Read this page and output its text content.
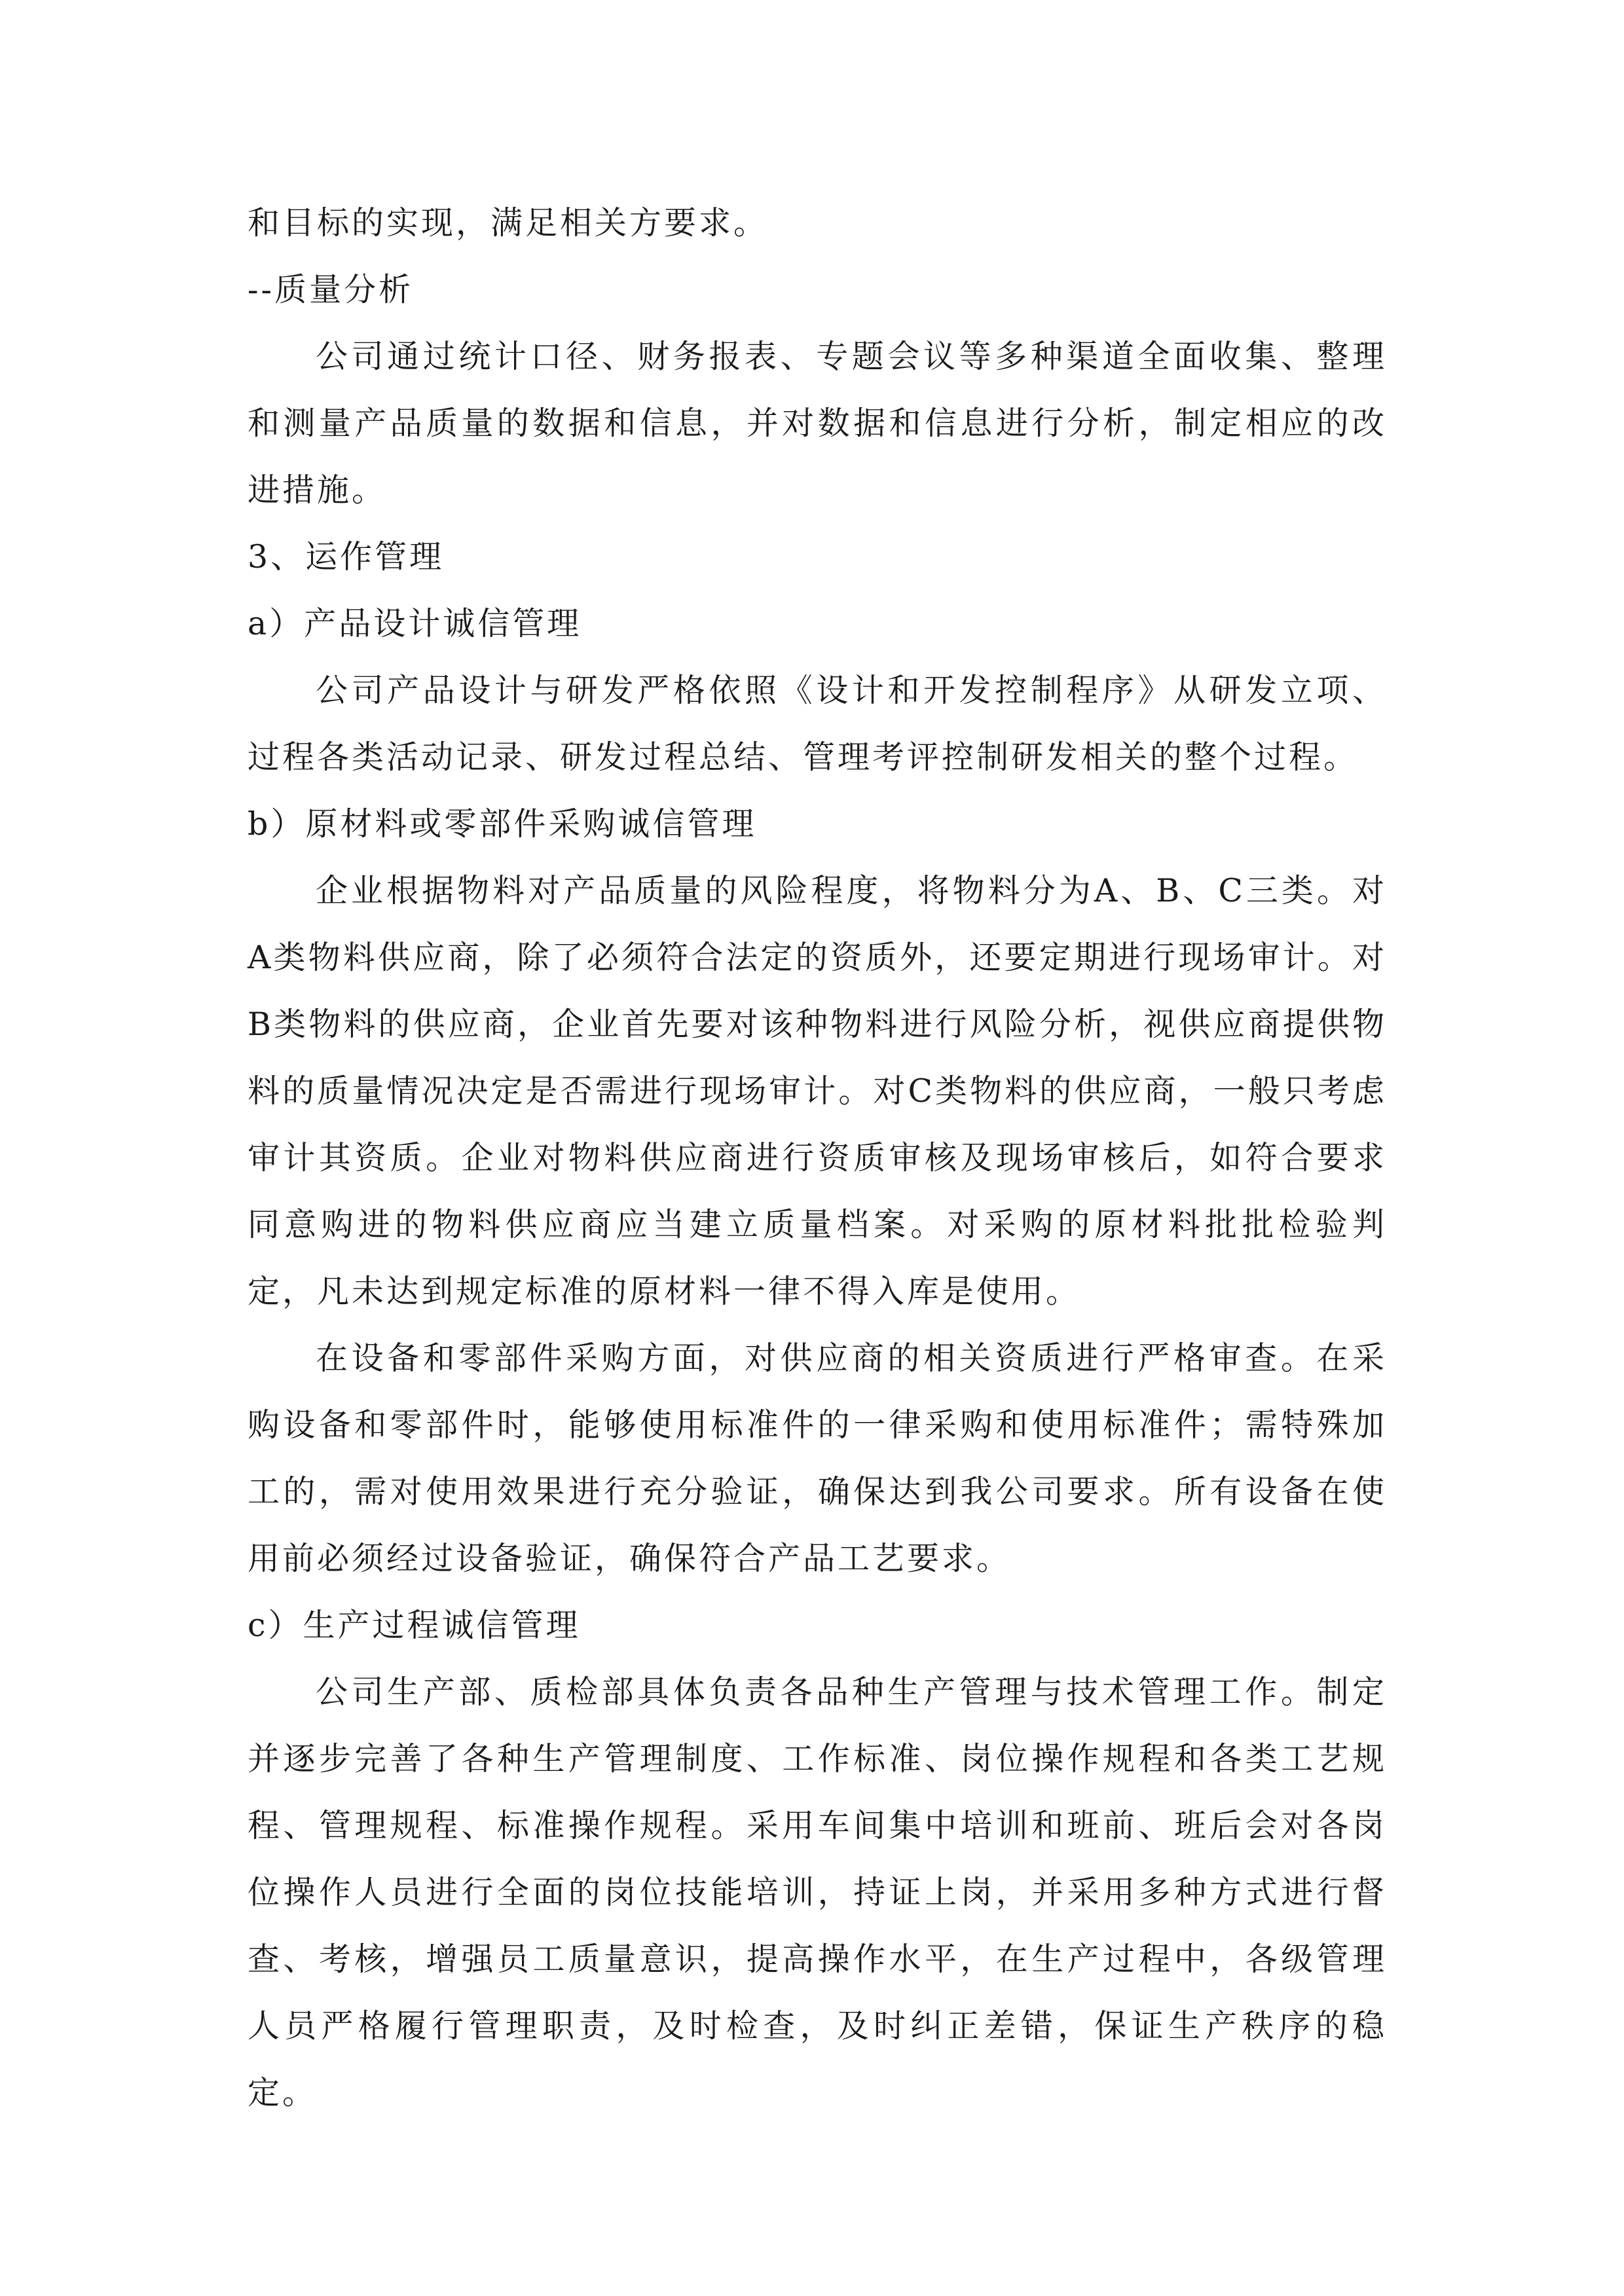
和目标的实现，满足相关方要求。

--质量分析

公司通过统计口径、财务报表、专题会议等多种渠道全面收集、整理和测量产品质量的数据和信息，并对数据和信息进行分析，制定相应的改进措施。

3、运作管理

a）产品设计诚信管理

公司产品设计与研发严格依照《设计和开发控制程序》从研发立项、过程各类活动记录、研发过程总结、管理考评控制研发相关的整个过程。

b）原材料或零部件采购诚信管理

企业根据物料对产品质量的风险程度，将物料分为A、B、C三类。对A类物料供应商，除了必须符合法定的资质外，还要定期进行现场审计。对B类物料的供应商，企业首先要对该种物料进行风险分析，视供应商提供物料的质量情况决定是否需进行现场审计。对C类物料的供应商，一般只考虑审计其资质。企业对物料供应商进行资质审核及现场审核后，如符合要求同意购进的物料供应商应当建立质量档案。对采购的原材料批批检验判定，凡未达到规定标准的原材料一律不得入库是使用。

在设备和零部件采购方面，对供应商的相关资质进行严格审查。在采购设备和零部件时，能够使用标准件的一律采购和使用标准件；需特殊加工的，需对使用效果进行充分验证，确保达到我公司要求。所有设备在使用前必须经过设备验证，确保符合产品工艺要求。

c）生产过程诚信管理

公司生产部、质检部具体负责各品种生产管理与技术管理工作。制定并逐步完善了各种生产管理制度、工作标准、岗位操作规程和各类工艺规程、管理规程、标准操作规程。采用车间集中培训和班前、班后会对各岗位操作人员进行全面的岗位技能培训，持证上岗，并采用多种方式进行督查、考核，增强员工质量意识，提高操作水平，在生产过程中，各级管理人员严格履行管理职责，及时检查，及时纠正差错，保证生产秩序的稳定。
